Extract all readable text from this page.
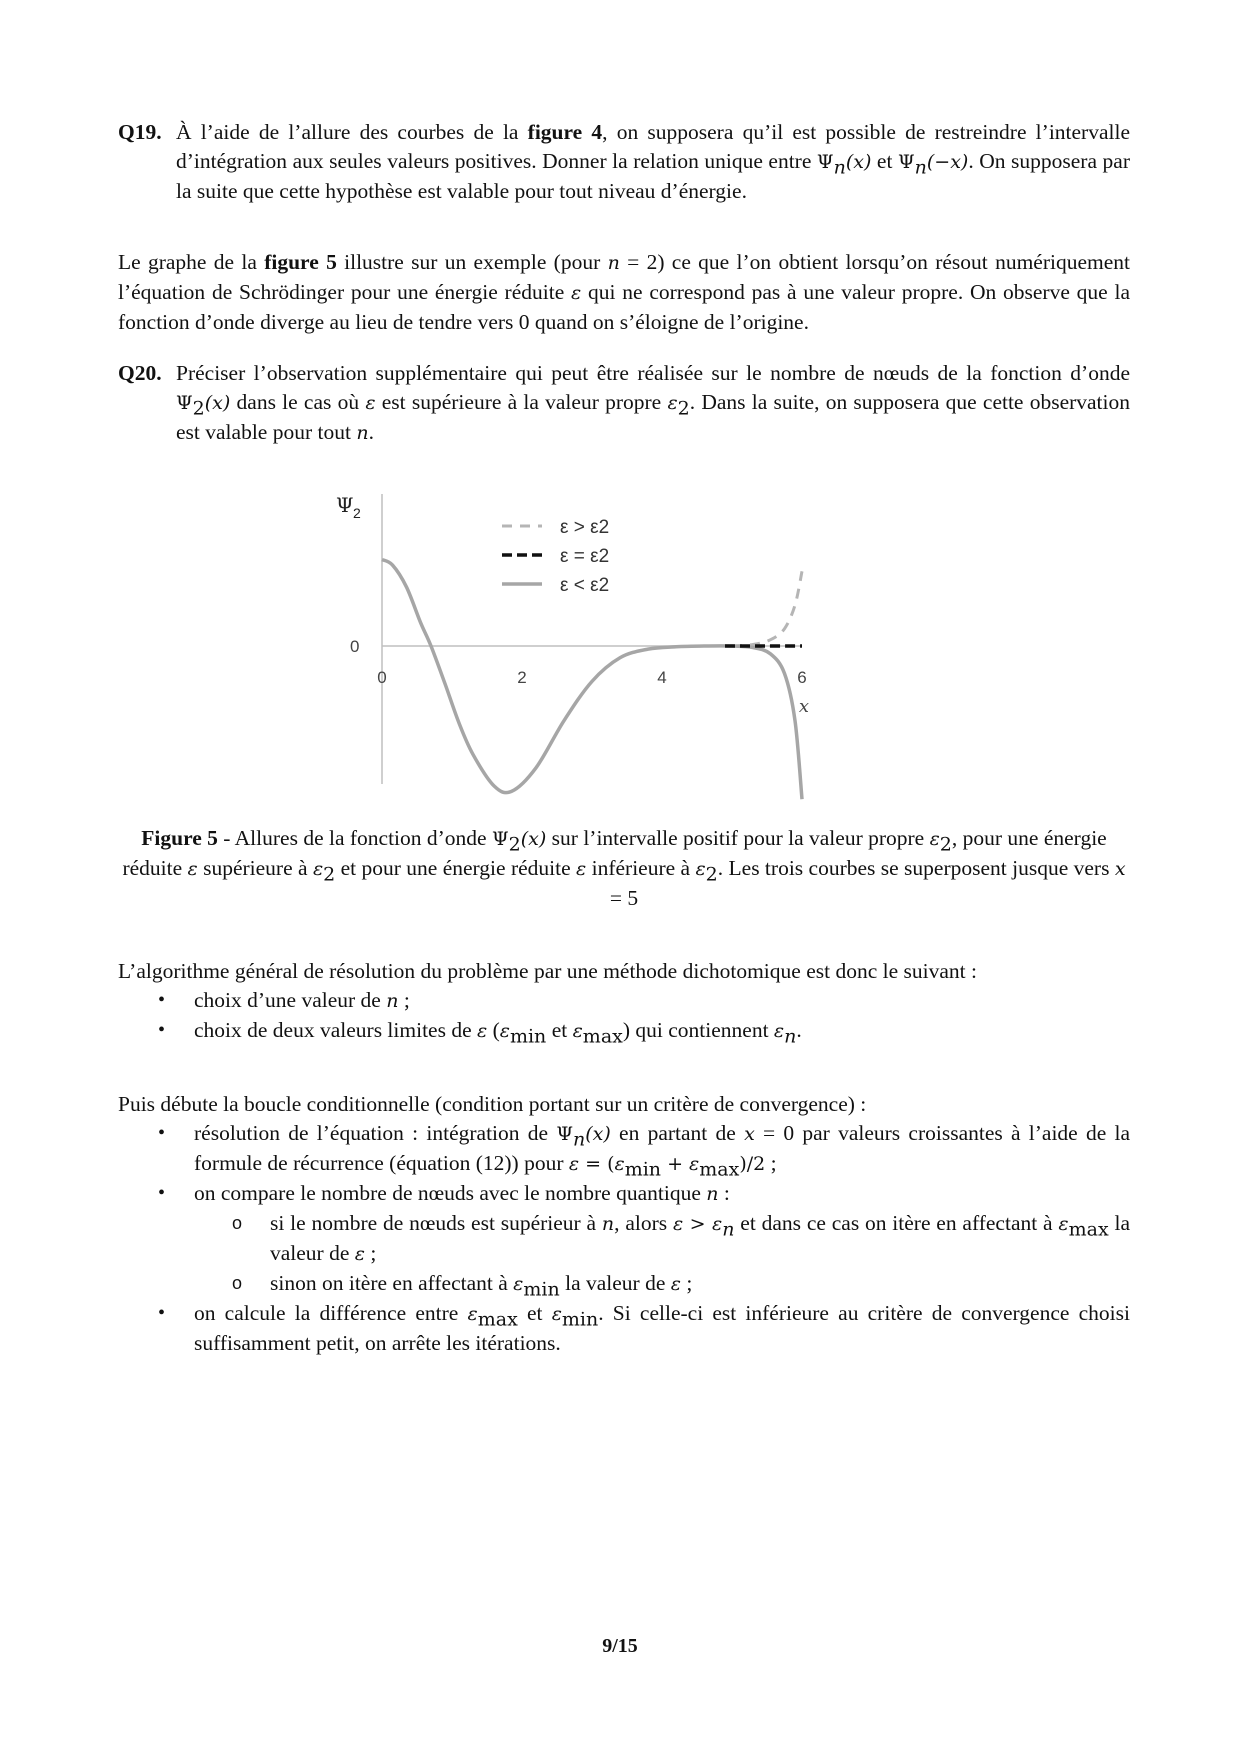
Q19. À l’aide de l’allure des courbes de la figure 4, on supposera qu’il est possible de restreindre l’intervalle d’intégration aux seules valeurs positives. Donner la relation unique entre $\Psi_n(x)$ et $\Psi_n(-x)$. On supposera par la suite que cette hypothèse est valable pour tout niveau d’énergie.
Le graphe de la figure 5 illustre sur un exemple (pour n = 2) ce que l’on obtient lorsqu’on résout numériquement l’équation de Schrödinger pour une énergie réduite ε qui ne correspond pas à une valeur propre. On observe que la fonction d’onde diverge au lieu de tendre vers 0 quand on s’éloigne de l’origine.
Q20. Préciser l’observation supplémentaire qui peut être réalisée sur le nombre de nœuds de la fonction d’onde $\Psi_2(x)$ dans le cas où ε est supérieure à la valeur propre $\varepsilon_2$. Dans la suite, on supposera que cette observation est valable pour tout n.
Ψ 2
0
0	2	4	6
x
ε > ε2
ε = ε2
ε < ε2
Figure 5 - Allures de la fonction d’onde $\Psi_2(x)$ sur l’intervalle positif pour la valeur propre $\varepsilon_2$, pour une énergie réduite ε supérieure à $\varepsilon_2$ et pour une énergie réduite ε inférieure à $\varepsilon_2$. Les trois courbes se superposent jusque vers x = 5
L’algorithme général de résolution du problème par une méthode dichotomique est donc le suivant :
• choix d’une valeur de n ;
• choix de deux valeurs limites de ε ($\varepsilon_{min}$ et $\varepsilon_{max}$) qui contiennent $\varepsilon_n$.
Puis débute la boucle conditionnelle (condition portant sur un critère de convergence) :
• résolution de l’équation : intégration de $\Psi_n(x)$ en partant de x = 0 par valeurs croissantes à l’aide de la formule de récurrence (équation (12)) pour $\varepsilon = (\varepsilon_{min} + \varepsilon_{max})/2$ ;
• on compare le nombre de nœuds avec le nombre quantique n :
o si le nombre de nœuds est supérieur à n, alors $\varepsilon > \varepsilon_n$ et dans ce cas on itère en affectant à $\varepsilon_{max}$ la valeur de ε ;
o sinon on itère en affectant à $\varepsilon_{min}$ la valeur de ε ;
• on calcule la différence entre $\varepsilon_{max}$ et $\varepsilon_{min}$. Si celle-ci est inférieure au critère de convergence choisi suffisamment petit, on arrête les itérations.
9/15
